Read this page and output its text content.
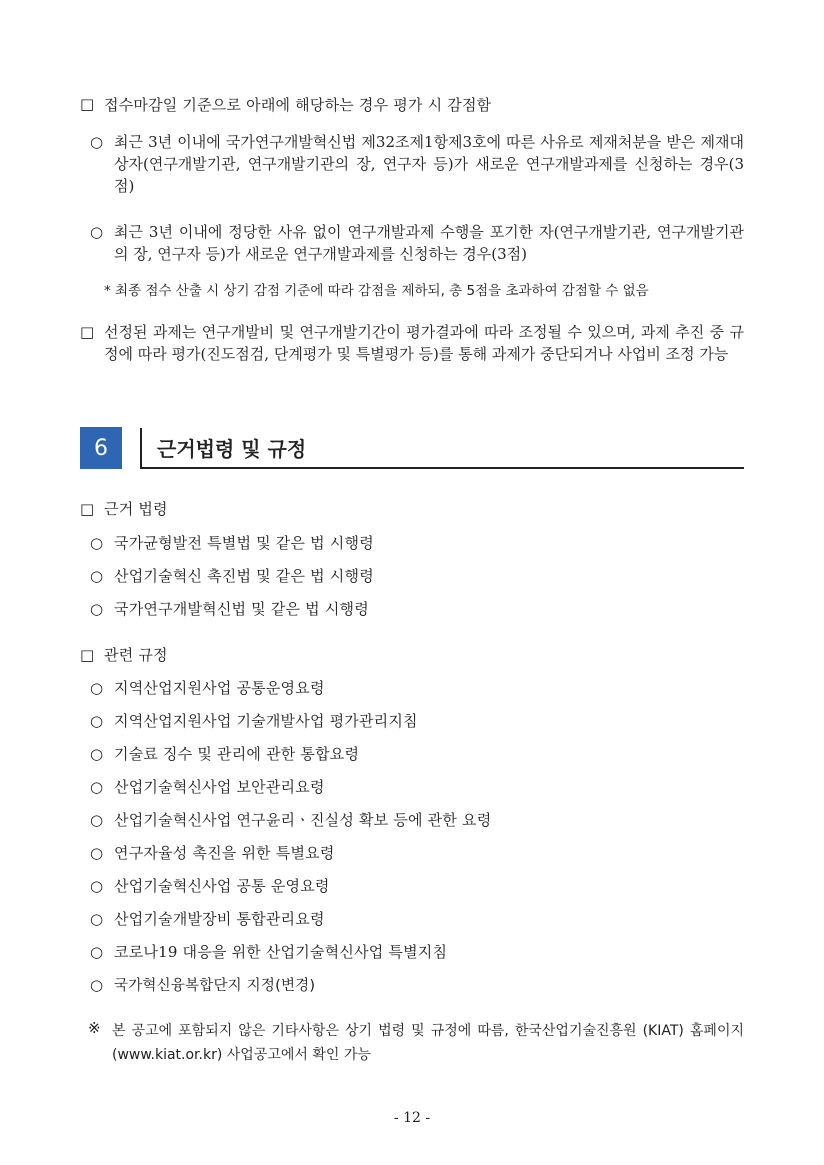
□ 접수마감일 기준으로 아래에 해당하는 경우 평가 시 감점함
○ 최근 3년 이내에 국가연구개발혁신법 제32조제1항제3호에 따른 사유로 제재처분을 받은 제재대상자(연구개발기관, 연구개발기관의 장, 연구자 등)가 새로운 연구개발과제를 신청하는 경우(3점)
○ 최근 3년 이내에 정당한 사유 없이 연구개발과제 수행을 포기한 자(연구개발기관, 연구개발기관의 장, 연구자 등)가 새로운 연구개발과제를 신청하는 경우(3점)
* 최종 점수 산출 시 상기 감점 기준에 따라 감점을 제하되, 총 5점을 초과하여 감점할 수 없음
□ 선정된 과제는 연구개발비 및 연구개발기간이 평가결과에 따라 조정될 수 있으며, 과제 추진 중 규정에 따라 평가(진도점검, 단계평가 및 특별평가 등)를 통해 과제가 중단되거나 사업비 조정 가능
6	근거법령 및 규정
□ 근거 법령
○ 국가균형발전 특별법 및 같은 법 시행령
○ 산업기술혁신 촉진법 및 같은 법 시행령
○ 국가연구개발혁신법 및 같은 법 시행령
□ 관련 규정
○ 지역산업지원사업 공통운영요령
○ 지역산업지원사업 기술개발사업 평가관리지침
○ 기술료 징수 및 관리에 관한 통합요령
○ 산업기술혁신사업 보안관리요령
○ 산업기술혁신사업 연구윤리ㆍ진실성 확보 등에 관한 요령
○ 연구자율성 촉진을 위한 특별요령
○ 산업기술혁신사업 공통 운영요령
○ 산업기술개발장비 통합관리요령
○ 코로나19 대응을 위한 산업기술혁신사업 특별지침
○ 국가혁신융복합단지 지정(변경)
※ 본 공고에 포함되지 않은 기타사항은 상기 법령 및 규정에 따름, 한국산업기술진흥원 (KIAT) 홈페이지(www.kiat.or.kr) 사업공고에서 확인 가능
- 12 -
